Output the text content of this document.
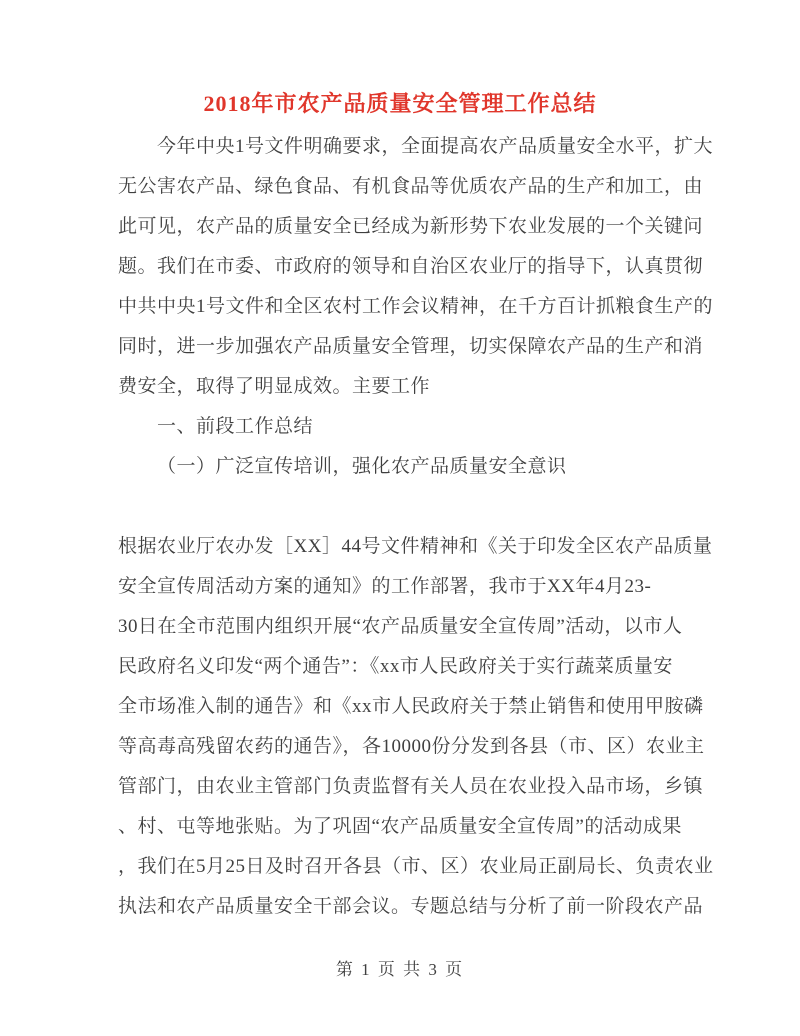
2018年市农产品质量安全管理工作总结
今年中央1号文件明确要求，全面提高农产品质量安全水平，扩大
无公害农产品、绿色食品、有机食品等优质农产品的生产和加工，由
此可见，农产品的质量安全已经成为新形势下农业发展的一个关键问
题。我们在市委、市政府的领导和自治区农业厅的指导下，认真贯彻
中共中央1号文件和全区农村工作会议精神，在千方百计抓粮食生产的
同时，进一步加强农产品质量安全管理，切实保障农产品的生产和消
费安全，取得了明显成效。主要工作
一、前段工作总结
（一）广泛宣传培训，强化农产品质量安全意识
根据农业厅农办发［XX］44号文件精神和《关于印发全区农产品质量
安全宣传周活动方案的通知》的工作部署，我市于XX年4月23-
30日在全市范围内组织开展“农产品质量安全宣传周”活动，以市人
民政府名义印发“两个通告”：《xx市人民政府关于实行蔬菜质量安
全市场准入制的通告》和《xx市人民政府关于禁止销售和使用甲胺磷
等高毒高残留农药的通告》，各10000份分发到各县（市、区）农业主
管部门，由农业主管部门负责监督有关人员在农业投入品市场，乡镇
、村、屯等地张贴。为了巩固“农产品质量安全宣传周”的活动成果
，我们在5月25日及时召开各县（市、区）农业局正副局长、负责农业
执法和农产品质量安全干部会议。专题总结与分析了前一阶段农产品
第 1 页 共 3 页
